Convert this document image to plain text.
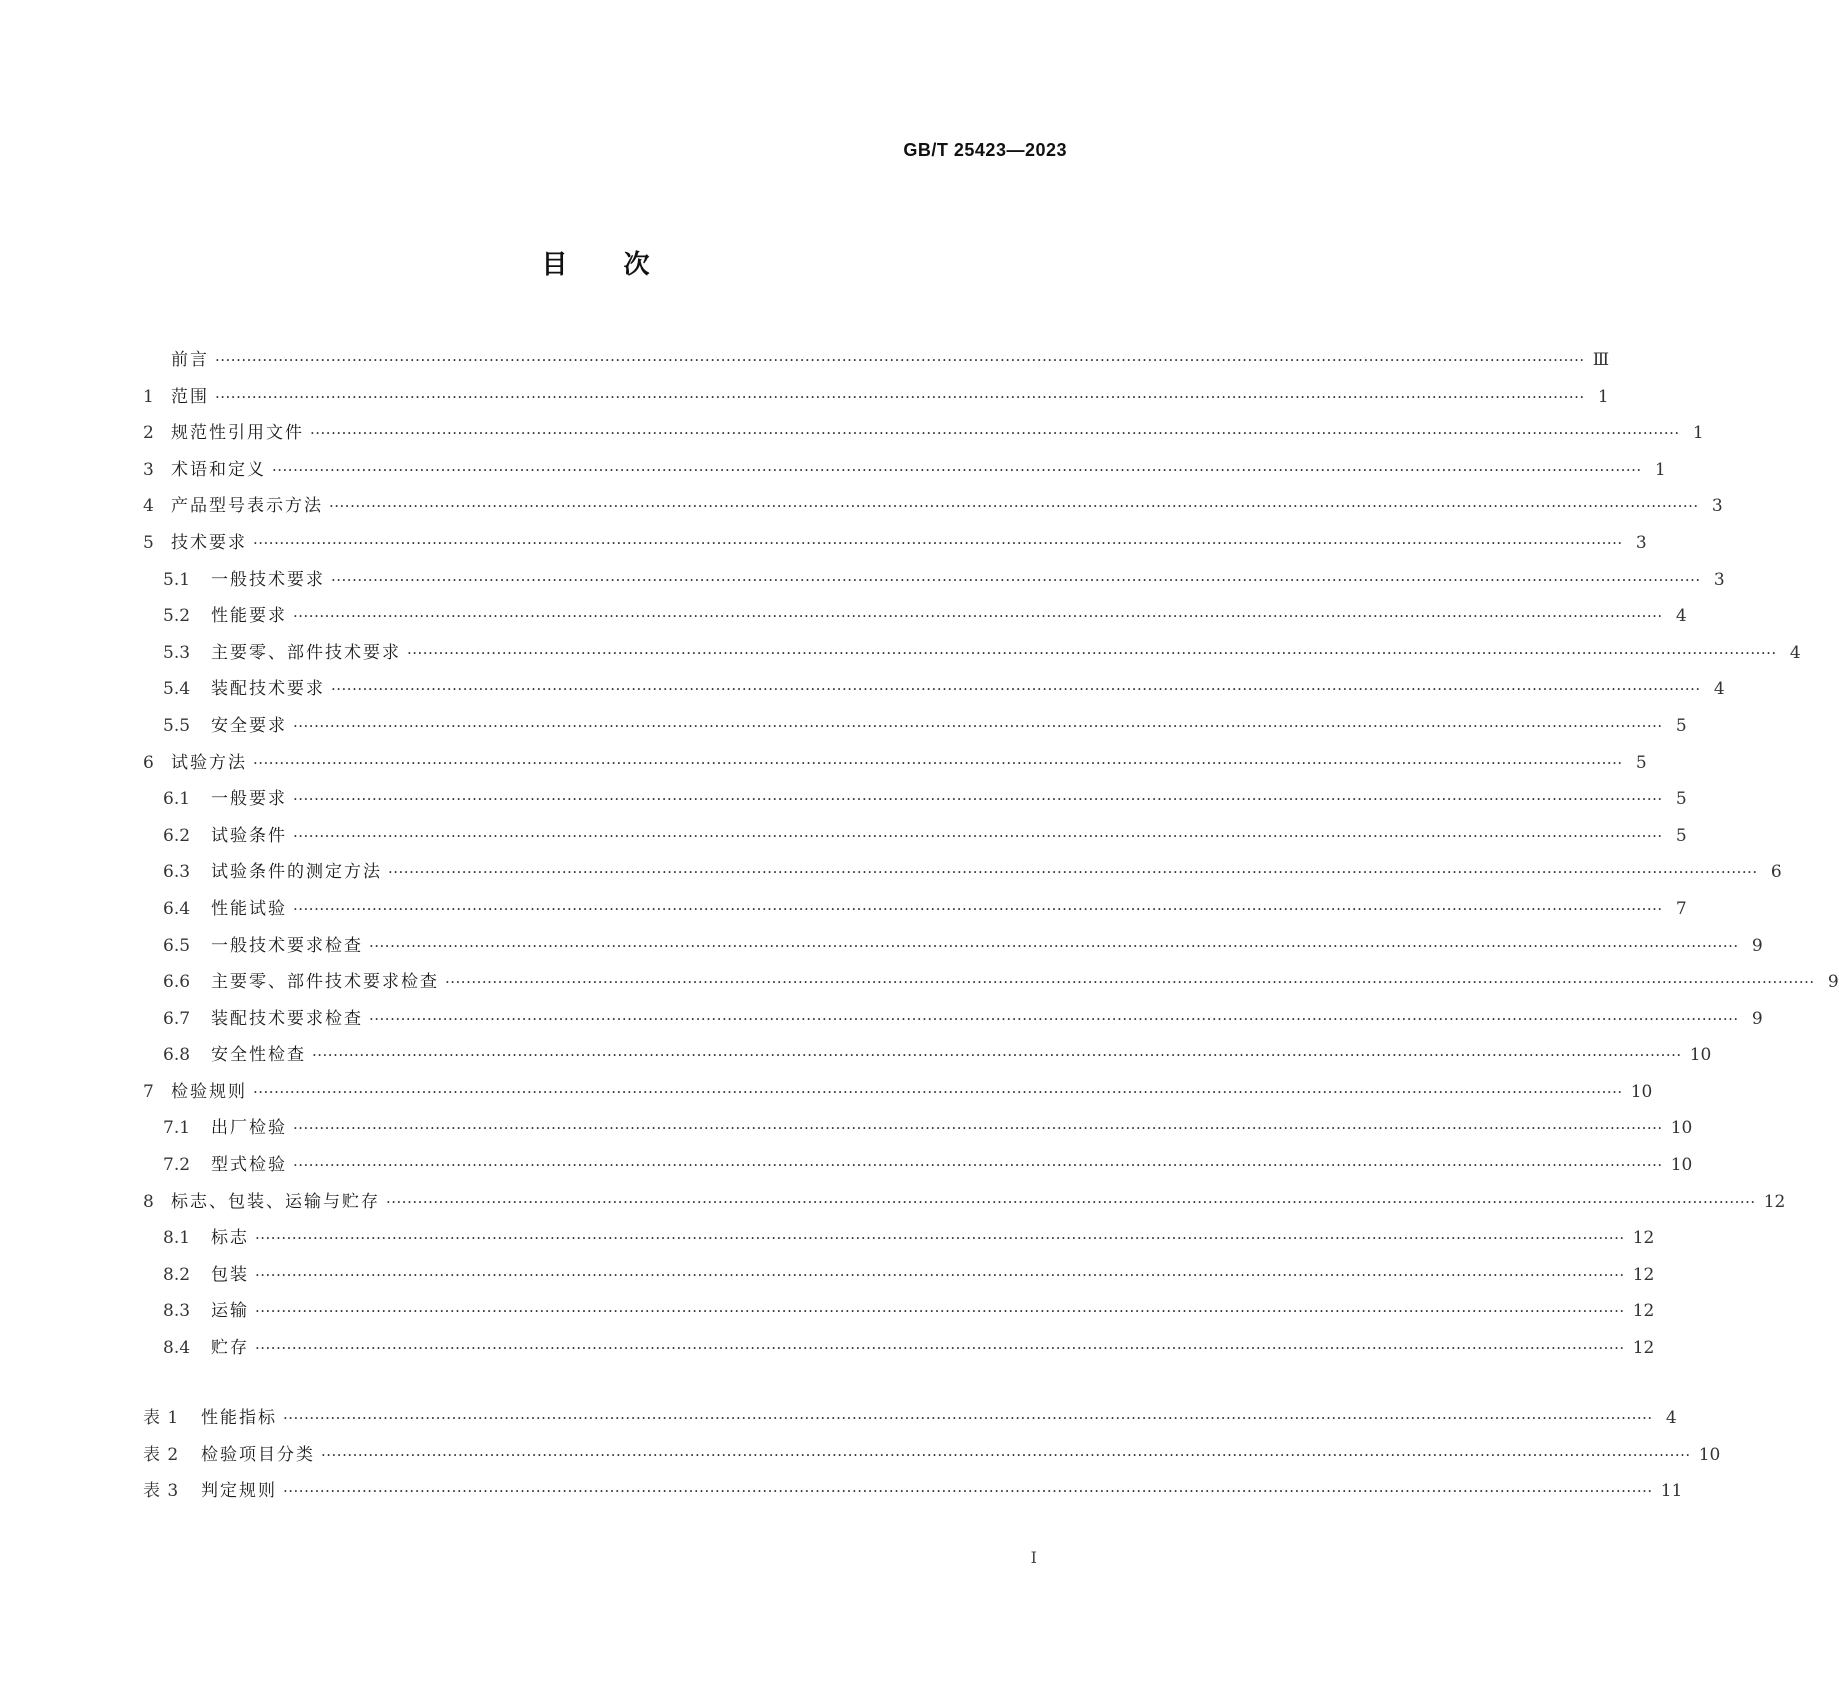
GB/T 25423—2023
目 次
前言 ···································································································································································································································································· Ⅲ
1	范围 ···································································································································································································································································· 1
2	规范性引用文件 ···································································································································································································································································· 1
3	术语和定义 ···································································································································································································································································· 1
4	产品型号表示方法 ···································································································································································································································································· 3
5	技术要求 ···································································································································································································································································· 3
5.1	一般技术要求 ···································································································································································································································································· 3
5.2	性能要求 ···································································································································································································································································· 4
5.3	主要零、部件技术要求 ···································································································································································································································································· 4
5.4	装配技术要求 ···································································································································································································································································· 4
5.5	安全要求 ···································································································································································································································································· 5
6	试验方法 ···································································································································································································································································· 5
6.1	一般要求 ···································································································································································································································································· 5
6.2	试验条件 ···································································································································································································································································· 5
6.3	试验条件的测定方法 ···································································································································································································································································· 6
6.4	性能试验 ···································································································································································································································································· 7
6.5	一般技术要求检查 ···································································································································································································································································· 9
6.6	主要零、部件技术要求检查 ···································································································································································································································································· 9
6.7	装配技术要求检查 ···································································································································································································································································· 9
6.8	安全性检查 ···································································································································································································································································· 10
7	检验规则 ···································································································································································································································································· 10
7.1	出厂检验 ···································································································································································································································································· 10
7.2	型式检验 ···································································································································································································································································· 10
8	标志、包装、运输与贮存 ···································································································································································································································································· 12
8.1	标志 ···································································································································································································································································· 12
8.2	包装 ···································································································································································································································································· 12
8.3	运输 ···································································································································································································································································· 12
8.4	贮存 ···································································································································································································································································· 12
表 1	性能指标 ···································································································································································································································································· 4
表 2	检验项目分类 ···································································································································································································································································· 10
表 3	判定规则 ···································································································································································································································································· 11
I
